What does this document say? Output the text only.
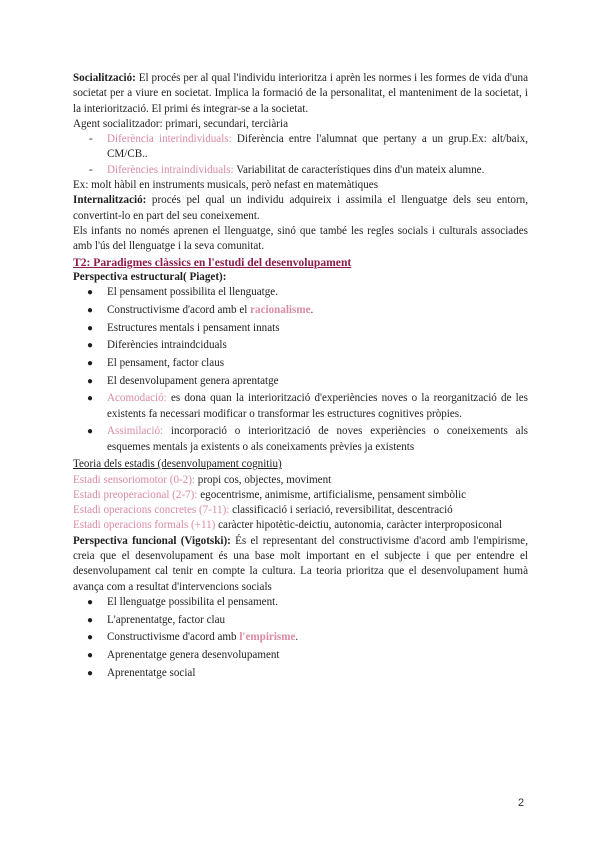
Socialització: El procés per al qual l'individu interioritza i aprèn les normes i les formes de vida d'una societat per a viure en societat. Implica la formació de la personalitat, el manteniment de la societat, i la interiorització. El primi és integrar-se a la societat.

Agent socialitzador: primari, secundari, terciària

- Diferència interindividuals: Diferència entre l'alumnat que pertany a un grup.Ex: alt/baix, CM/CB..
- Diferències intraindividuals: Variabilitat de característiques dins d'un mateix alumne.

Ex: molt hàbil en instruments musicals, però nefast en matemàtiques

Internalització: procés pel qual un individu adquireix i assimila el llenguatge dels seu entorn, convertint-lo en part del seu coneixement.

Els infants no només aprenen el llenguatge, sinó que també les regles socials i culturals associades amb l'ús del llenguatge i la seva comunitat.

T2: Paradigmes clàssics en l'estudi del desenvolupament

Perspectiva estructural( Piaget):

● El pensament possibilita el llenguatge.
● Constructivisme d'acord amb el racionalisme.
● Estructures mentals i pensament innats
● Diferències intraindciduals
● El pensament, factor claus
● El desenvolupament genera aprentatge
● Acomodació: es dona quan la interiorització d'experiències noves o la reorganització de les existents fa necessari modificar o transformar les estructures cognitives pròpies.
● Assimilació: incorporació o interiorització de noves experiències o coneixements als esquemes mentals ja existents o als coneixaments prèvies ja existents

Teoria dels estadis (desenvolupament cognitiu)

Estadi sensoriomotor (0-2): propi cos, objectes, moviment

Estadi preoperacional (2-7): egocentrisme, animisme, artificialisme, pensament simbòlic

Estadi operacions concretes (7-11): classificació i seriació, reversibilitat, descentració

Estadi operacions formals (+11) caràcter hipotètic-deictiu, autonomia, caràcter interproposiconal

Perspectiva funcional (Vigotski): És el representant del constructivisme d'acord amb l'empirisme, creia que el desenvolupament és una base molt important en el subjecte i que per entendre el desenvolupament cal tenir en compte la cultura. La teoria prioritza que el desenvolupament humà avança com a resultat d'intervencions socials

● El llenguatge possibilita el pensament.
● L'aprenentatge, factor clau
● Constructivisme d'acord amb l'empirisme.
● Aprenentatge genera desenvolupament
● Aprenentatge social
2
